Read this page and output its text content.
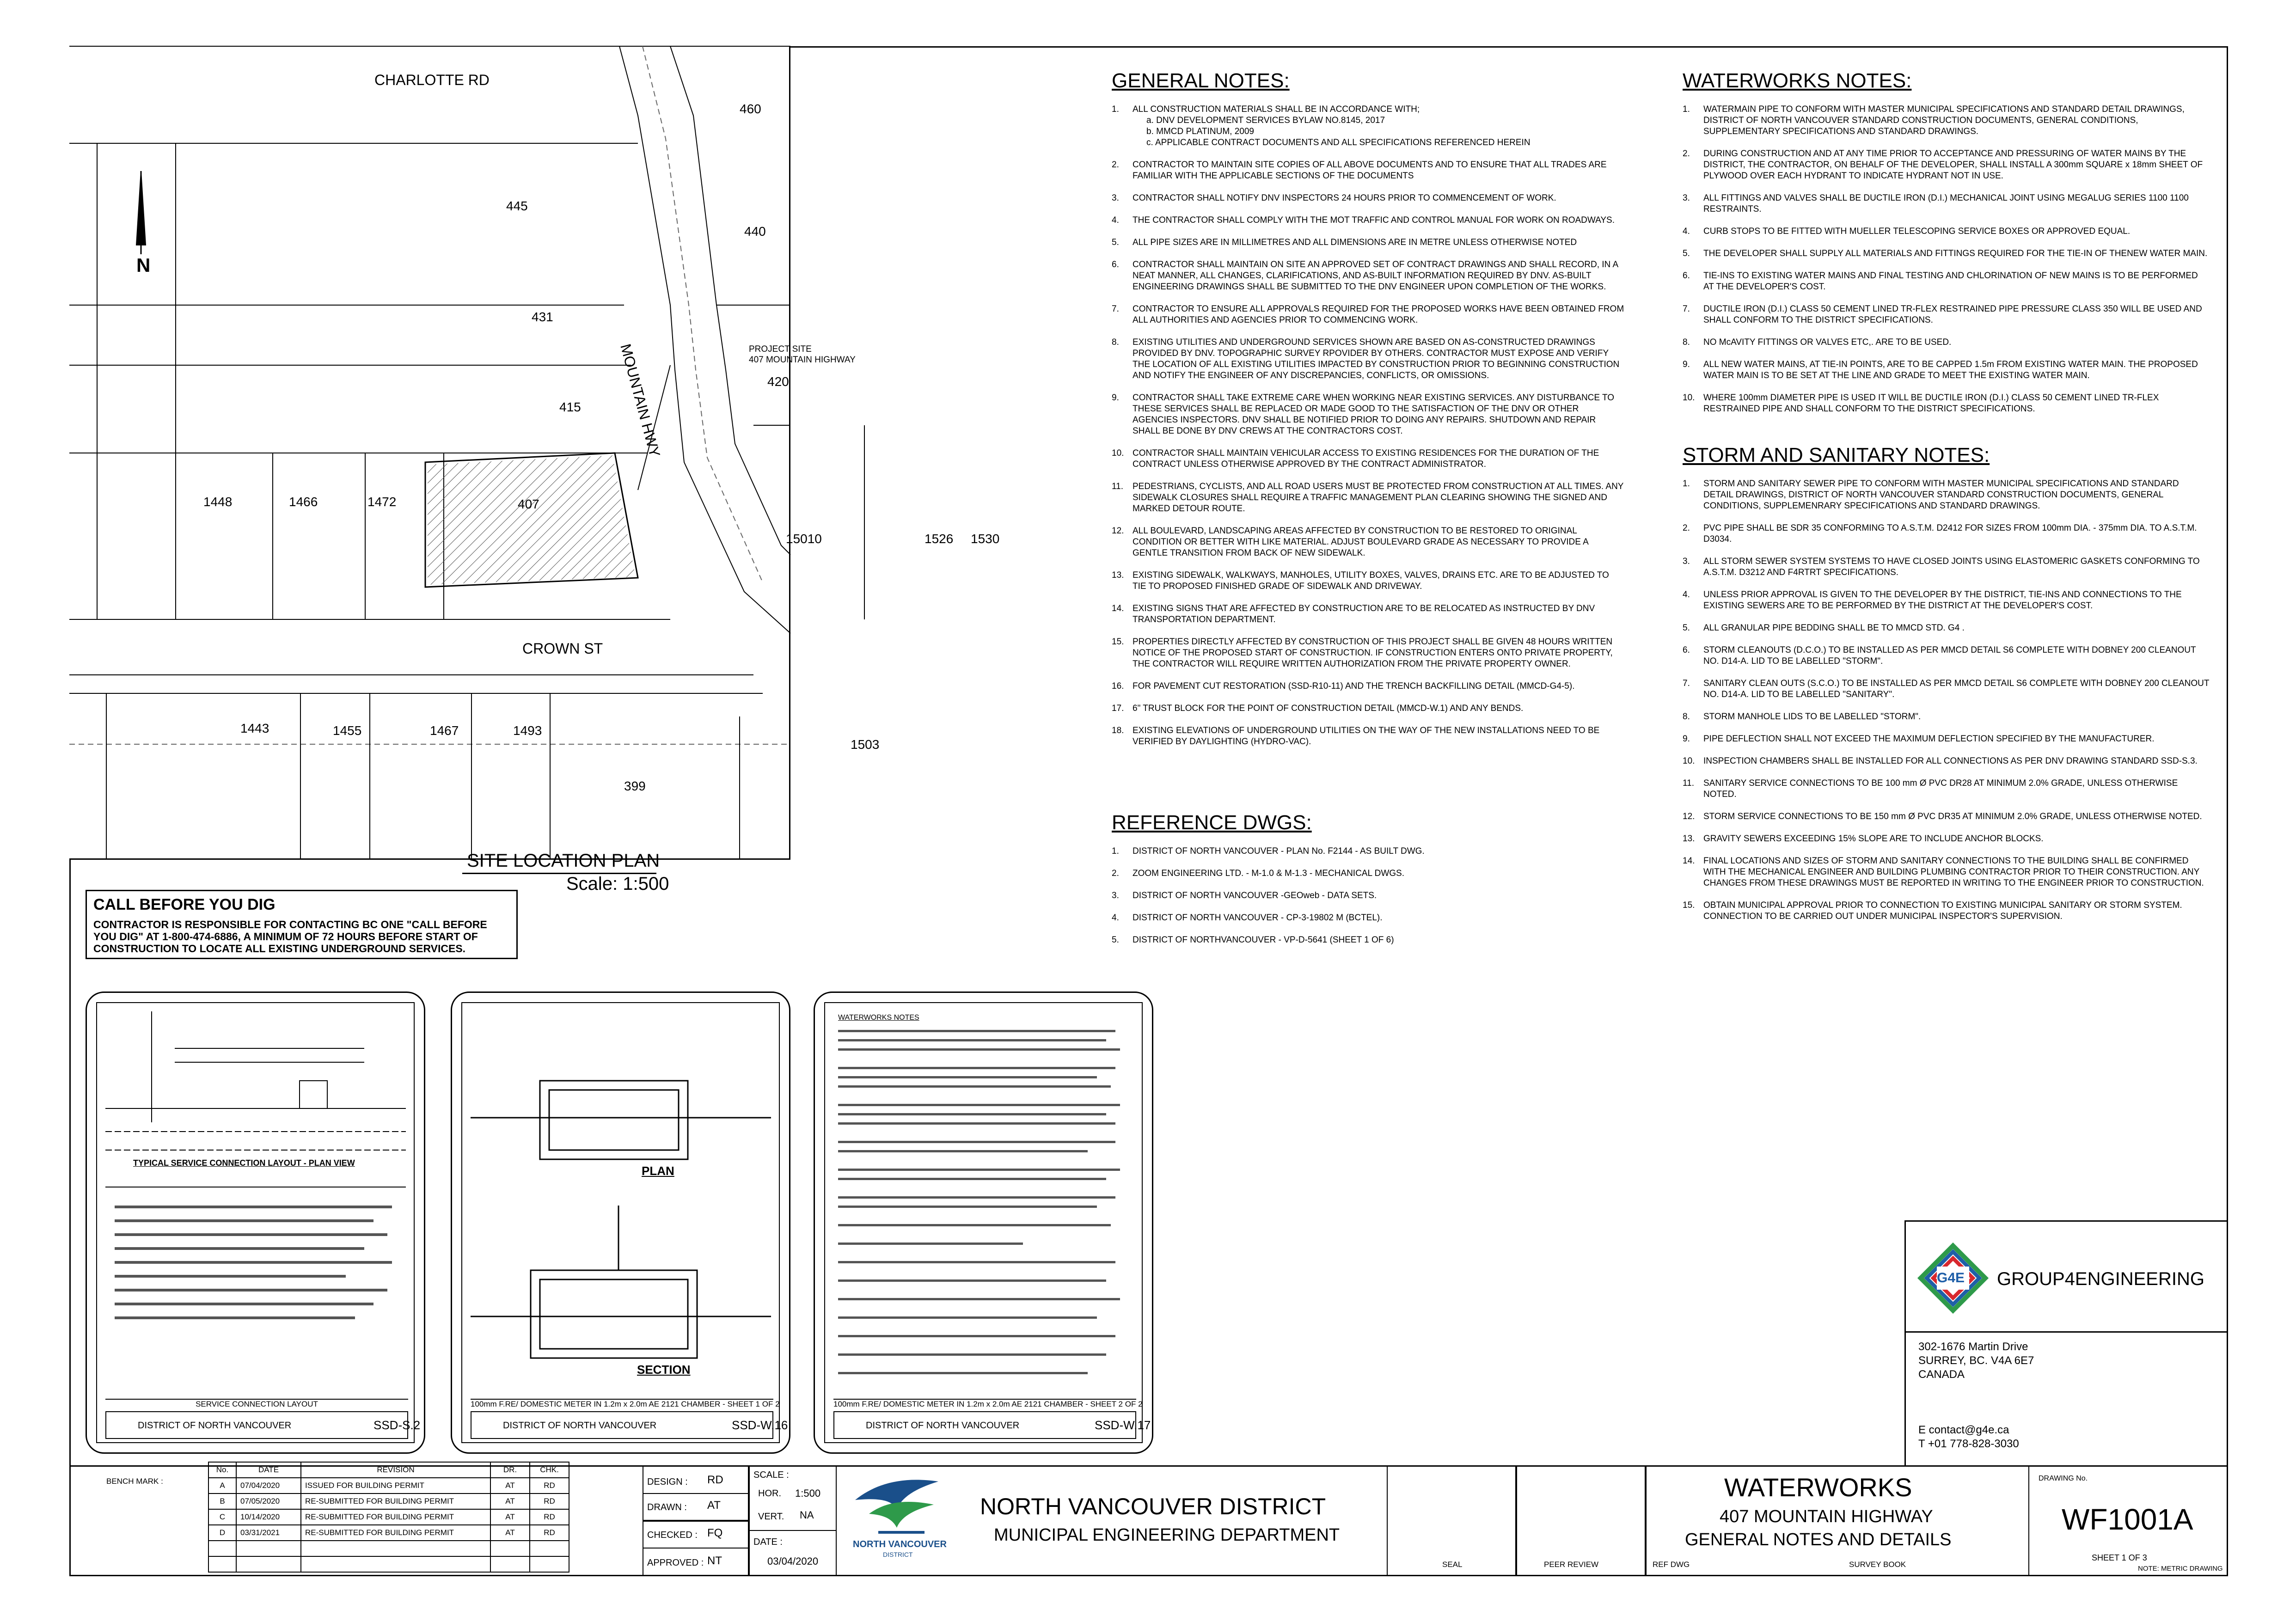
CHARLOTTE RD
MOUNTAIN HWY
CROWN ST
N
460
445
440
431
420
415
1448	1466	1472	407
15010	1526 1530
1443	1455	1467	1493
1503
399
PROJECT SITE
407 MOUNTAIN HIGHWAY
SITE LOCATION PLAN
Scale: 1:500
CALL BEFORE YOU DIG
CONTRACTOR IS RESPONSIBLE FOR CONTACTING BC ONE "CALL BEFORE YOU DIG" AT 1-800-474-6886, A MINIMUM OF 72 HOURS BEFORE START OF CONSTRUCTION TO LOCATE ALL EXISTING UNDERGROUND SERVICES.
GENERAL NOTES:
1. ALL CONSTRUCTION MATERIALS SHALL BE IN ACCORDANCE WITH;
a. DNV DEVELOPMENT SERVICES BYLAW NO.8145, 2017
b. MMCD PLATINUM, 2009
c. APPLICABLE CONTRACT DOCUMENTS AND ALL SPECIFICATIONS REFERENCED HEREIN
2. CONTRACTOR TO MAINTAIN SITE COPIES OF ALL ABOVE DOCUMENTS AND TO ENSURE THAT ALL TRADES ARE FAMILIAR WITH THE APPLICABLE SECTIONS OF THE DOCUMENTS
3. CONTRACTOR SHALL NOTIFY DNV INSPECTORS 24 HOURS PRIOR TO COMMENCEMENT OF WORK.
4. THE CONTRACTOR SHALL COMPLY WITH THE MOT TRAFFIC AND CONTROL MANUAL FOR WORK ON ROADWAYS.
5. ALL PIPE SIZES ARE IN MILLIMETRES AND ALL DIMENSIONS ARE IN METRE UNLESS OTHERWISE NOTED
6. CONTRACTOR SHALL MAINTAIN ON SITE AN APPROVED SET OF CONTRACT DRAWINGS AND SHALL RECORD, IN A NEAT MANNER, ALL CHANGES, CLARIFICATIONS, AND AS-BUILT INFORMATION REQUIRED BY DNV. AS-BUILT ENGINEERING DRAWINGS SHALL BE SUBMITTED TO THE DNV ENGINEER UPON COMPLETION OF THE WORKS.
7. CONTRACTOR TO ENSURE ALL APPROVALS REQUIRED FOR THE PROPOSED WORKS HAVE BEEN OBTAINED FROM ALL AUTHORITIES AND AGENCIES PRIOR TO COMMENCING WORK.
8. EXISTING UTILITIES AND UNDERGROUND SERVICES SHOWN ARE BASED ON AS-CONSTRUCTED DRAWINGS PROVIDED BY DNV. TOPOGRAPHIC SURVEY RPOVIDER BY OTHERS. CONTRACTOR MUST EXPOSE AND VERIFY THE LOCATION OF ALL EXISTING UTILITIES IMPACTED BY CONSTRUCTION PRIOR TO BEGINNING CONSTRUCTION AND NOTIFY THE ENGINEER OF ANY DISCREPANCIES, CONFLICTS, OR OMISSIONS.
9. CONTRACTOR SHALL TAKE EXTREME CARE WHEN WORKING NEAR EXISTING SERVICES. ANY DISTURBANCE TO THESE SERVICES SHALL BE REPLACED OR MADE GOOD TO THE SATISFACTION OF THE DNV OR OTHER AGENCIES INSPECTORS. DNV SHALL BE NOTIFIED PRIOR TO DOING ANY REPAIRS. SHUTDOWN AND REPAIR SHALL BE DONE BY DNV CREWS AT THE CONTRACTORS COST.
10. CONTRACTOR SHALL MAINTAIN VEHICULAR ACCESS TO EXISTING RESIDENCES FOR THE DURATION OF THE CONTRACT UNLESS OTHERWISE APPROVED BY THE CONTRACT ADMINISTRATOR.
11. PEDESTRIANS, CYCLISTS, AND ALL ROAD USERS MUST BE PROTECTED FROM CONSTRUCTION AT ALL TIMES. ANY SIDEWALK CLOSURES SHALL REQUIRE A TRAFFIC MANAGEMENT PLAN CLEARING SHOWING THE SIGNED AND MARKED DETOUR ROUTE.
12. ALL BOULEVARD, LANDSCAPING AREAS AFFECTED BY CONSTRUCTION TO BE RESTORED TO ORIGINAL CONDITION OR BETTER WITH LIKE MATERIAL. ADJUST BOULEVARD GRADE AS NECESSARY TO PROVIDE A GENTLE TRANSITION FROM BACK OF NEW SIDEWALK.
13. EXISTING SIDEWALK, WALKWAYS, MANHOLES, UTILITY BOXES, VALVES, DRAINS ETC. ARE TO BE ADJUSTED TO TIE TO PROPOSED FINISHED GRADE OF SIDEWALK AND DRIVEWAY.
14. EXISTING SIGNS THAT ARE AFFECTED BY CONSTRUCTION ARE TO BE RELOCATED AS INSTRUCTED BY DNV TRANSPORTATION DEPARTMENT.
15. PROPERTIES DIRECTLY AFFECTED BY CONSTRUCTION OF THIS PROJECT SHALL BE GIVEN 48 HOURS WRITTEN NOTICE OF THE PROPOSED START OF CONSTRUCTION. IF CONSTRUCTION ENTERS ONTO PRIVATE PROPERTY, THE CONTRACTOR WILL REQUIRE WRITTEN AUTHORIZATION FROM THE PRIVATE PROPERTY OWNER.
16. FOR PAVEMENT CUT RESTORATION (SSD-R10-11) AND THE TRENCH BACKFILLING DETAIL (MMCD-G4-5).
17. 6" TRUST BLOCK FOR THE POINT OF CONSTRUCTION DETAIL (MMCD-W.1) AND ANY BENDS.
18. EXISTING ELEVATIONS OF UNDERGROUND UTILITIES ON THE WAY OF THE NEW INSTALLATIONS NEED TO BE VERIFIED BY DAYLIGHTING (HYDRO-VAC).
REFERENCE DWGS:
1. DISTRICT OF NORTH VANCOUVER - PLAN No. F2144 - AS BUILT DWG.
2. ZOOM ENGINEERING LTD. - M-1.0 & M-1.3 - MECHANICAL DWGS.
3. DISTRICT OF NORTH VANCOUVER -GEOweb - DATA SETS.
4. DISTRICT OF NORTH VANCOUVER - CP-3-19802 M (BCTEL).
5. DISTRICT OF NORTHVANCOUVER - VP-D-5641 (SHEET 1 OF 6)
WATERWORKS NOTES:
1. WATERMAIN PIPE TO CONFORM WITH MASTER MUNICIPAL SPECIFICATIONS AND STANDARD DETAIL DRAWINGS, DISTRICT OF NORTH VANCOUVER STANDARD CONSTRUCTION DOCUMENTS, GENERAL CONDITIONS, SUPPLEMENTARY SPECIFICATIONS AND STANDARD DRAWINGS.
2. DURING CONSTRUCTION AND AT ANY TIME PRIOR TO ACCEPTANCE AND PRESSURING OF WATER MAINS BY THE DISTRICT, THE CONTRACTOR, ON BEHALF OF THE DEVELOPER, SHALL INSTALL A 300mm SQUARE x 18mm SHEET OF PLYWOOD OVER EACH HYDRANT TO INDICATE HYDRANT NOT IN USE.
3. ALL FITTINGS AND VALVES SHALL BE DUCTILE IRON (D.I.) MECHANICAL JOINT USING MEGALUG SERIES 1100 1100 RESTRAINTS.
4. CURB STOPS TO BE FITTED WITH MUELLER TELESCOPING SERVICE BOXES OR APPROVED EQUAL.
5. THE DEVELOPER SHALL SUPPLY ALL MATERIALS AND FITTINGS REQUIRED FOR THE TIE-IN OF THENEW WATER MAIN.
6. TIE-INS TO EXISTING WATER MAINS AND FINAL TESTING AND CHLORINATION OF NEW MAINS IS TO BE PERFORMED AT THE DEVELOPER'S COST.
7. DUCTILE IRON (D.I.) CLASS 50 CEMENT LINED TR-FLEX RESTRAINED PIPE PRESSURE CLASS 350 WILL BE USED AND SHALL CONFORM TO THE DISTRICT SPECIFICATIONS.
8. NO McAVITY FITTINGS OR VALVES ETC,. ARE TO BE USED.
9. ALL NEW WATER MAINS, AT TIE-IN POINTS, ARE TO BE CAPPED 1.5m FROM EXISTING WATER MAIN. THE PROPOSED WATER MAIN IS TO BE SET AT THE LINE AND GRADE TO MEET THE EXISTING WATER MAIN.
10. WHERE 100mm DIAMETER PIPE IS USED IT WILL BE DUCTILE IRON (D.I.) CLASS 50 CEMENT LINED TR-FLEX RESTRAINED PIPE AND SHALL CONFORM TO THE DISTRICT SPECIFICATIONS.
STORM AND SANITARY NOTES:
1. STORM AND SANITARY SEWER PIPE TO CONFORM WITH MASTER MUNICIPAL SPECIFICATIONS AND STANDARD DETAIL DRAWINGS, DISTRICT OF NORTH VANCOUVER STANDARD CONSTRUCTION DOCUMENTS, GENERAL CONDITIONS, SUPPLEMENRARY SPECIFICATIONS AND STANDARD DRAWINGS.
2. PVC PIPE SHALL BE SDR 35 CONFORMING TO A.S.T.M. D2412 FOR SIZES FROM 100mm DIA. - 375mm DIA. TO A.S.T.M. D3034.
3. ALL STORM SEWER SYSTEM SYSTEMS TO HAVE CLOSED JOINTS USING ELASTOMERIC GASKETS CONFORMING TO A.S.T.M. D3212 AND F4RTRT SPECIFICATIONS.
4. UNLESS PRIOR APPROVAL IS GIVEN TO THE DEVELOPER BY THE DISTRICT, TIE-INS AND CONNECTIONS TO THE EXISTING SEWERS ARE TO BE PERFORMED BY THE DISTRICT AT THE DEVELOPER'S COST.
5. ALL GRANULAR PIPE BEDDING SHALL BE TO MMCD STD. G4 .
6. STORM CLEANOUTS (D.C.O.) TO BE INSTALLED AS PER MMCD DETAIL S6 COMPLETE WITH DOBNEY 200 CLEANOUT NO. D14-A. LID TO BE LABELLED "STORM".
7. SANITARY CLEAN OUTS (S.C.O.) TO BE INSTALLED AS PER MMCD DETAIL S6 COMPLETE WITH DOBNEY 200 CLEANOUT NO. D14-A. LID TO BE LABELLED "SANITARY".
8. STORM MANHOLE LIDS TO BE LABELLED "STORM".
9. PIPE DEFLECTION SHALL NOT EXCEED THE MAXIMUM DEFLECTION SPECIFIED BY THE MANUFACTURER.
10. INSPECTION CHAMBERS SHALL BE INSTALLED FOR ALL CONNECTIONS AS PER DNV DRAWING STANDARD SSD-S.3.
11. SANITARY SERVICE CONNECTIONS TO BE 100 mm Ø PVC DR28 AT MINIMUM 2.0% GRADE, UNLESS OTHERWISE NOTED.
12. STORM SERVICE CONNECTIONS TO BE 150 mm Ø PVC DR35 AT MINIMUM 2.0% GRADE, UNLESS OTHERWISE NOTED.
13. GRAVITY SEWERS EXCEEDING 15% SLOPE ARE TO INCLUDE ANCHOR BLOCKS.
14. FINAL LOCATIONS AND SIZES OF STORM AND SANITARY CONNECTIONS TO THE BUILDING SHALL BE CONFIRMED WITH THE MECHANICAL ENGINEER AND BUILDING PLUMBING CONTRACTOR PRIOR TO THEIR CONSTRUCTION. ANY CHANGES FROM THESE DRAWINGS MUST BE REPORTED IN WRITING TO THE ENGINEER PRIOR TO CONSTRUCTION.
15. OBTAIN MUNICIPAL APPROVAL PRIOR TO CONNECTION TO EXISTING MUNICIPAL SANITARY OR STORM SYSTEM. CONNECTION TO BE CARRIED OUT UNDER MUNICIPAL INSPECTOR'S SUPERVISION.
TYPICAL SERVICE CONNECTION LAYOUT - PLAN VIEW
SERVICE CONNECTION LAYOUT
DISTRICT OF NORTH VANCOUVER	SSD-S.2
PLAN
SECTION
100mm F.RE/ DOMESTIC METER IN 1.2m x 2.0m AE 2121 CHAMBER - SHEET 1 OF 2
DISTRICT OF NORTH VANCOUVER	SSD-W.16
WATERWORKS NOTES
100mm F.RE/ DOMESTIC METER IN 1.2m x 2.0m AE 2121 CHAMBER - SHEET 2 OF 2
DISTRICT OF NORTH VANCOUVER	SSD-W.17
G4E GROUP4ENGINEERING
302-1676 Martin Drive
SURREY, BC. V4A 6E7
CANADA
E contact@g4e.ca
T +01 778-828-3030
BENCH MARK :
No.	DATE	REVISION	DR.	CHK.
A	07/04/2020	ISSUED FOR BUILDING PERMIT	AT	RD
B	07/05/2020	RE-SUBMITTED FOR BUILDING PERMIT	AT	RD
C	10/14/2020	RE-SUBMITTED FOR BUILDING PERMIT	AT	RD
D	03/31/2021	RE-SUBMITTED FOR BUILDING PERMIT	AT	RD

DESIGN : RD
DRAWN : AT
CHECKED : FQ
APPROVED : NT
SCALE :
HOR. 1:500
VERT. NA
DATE :
03/04/2020
NORTH VANCOUVER
DISTRICT
NORTH VANCOUVER DISTRICT
MUNICIPAL ENGINEERING DEPARTMENT
SEAL	PEER REVIEW
WATERWORKS
407 MOUNTAIN HIGHWAY
GENERAL NOTES AND DETAILS
REF DWG	SURVEY BOOK
DRAWING No.
WF1001A
SHEET 1 OF 3
NOTE: METRIC DRAWING
